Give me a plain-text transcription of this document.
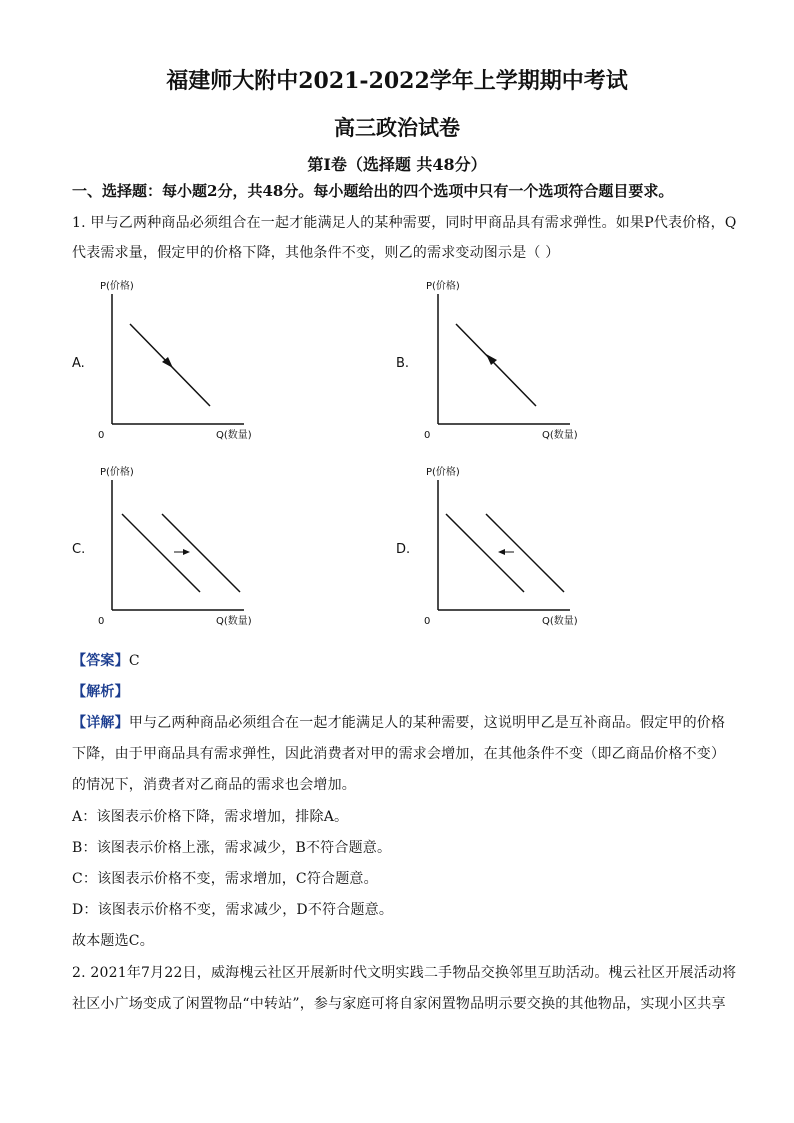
福建师大附中2021-2022学年上学期期中考试
高三政治试卷
第Ⅰ卷（选择题 共48分）
一、选择题：每小题2分，共48分。每小题给出的四个选项中只有一个选项符合题目要求。
1. 甲与乙两种商品必须组合在一起才能满足人的某种需要，同时甲商品具有需求弹性。如果P代表价格，Q
代表需求量，假定甲的价格下降，其他条件不变，则乙的需求变动图示是（ ）
A.
P(价格)
0	Q(数量)
B.
P(价格)
0	Q(数量)
C.
P(价格)
0	Q(数量)
D.
P(价格)
0	Q(数量)
【答案】C
【解析】
【详解】甲与乙两种商品必须组合在一起才能满足人的某种需要，这说明甲乙是互补商品。假定甲的价格
下降，由于甲商品具有需求弹性，因此消费者对甲的需求会增加，在其他条件不变（即乙商品价格不变）
的情况下，消费者对乙商品的需求也会增加。
A：该图表示价格下降，需求增加，排除A。
B：该图表示价格上涨，需求减少，B不符合题意。
C：该图表示价格不变，需求增加，C符合题意。
D：该图表示价格不变，需求减少，D不符合题意。
故本题选C。
2. 2021年7月22日，威海槐云社区开展新时代文明实践二手物品交换邻里互助活动。槐云社区开展活动将
社区小广场变成了闲置物品“中转站”，参与家庭可将自家闲置物品明示要交换的其他物品，实现小区共享
